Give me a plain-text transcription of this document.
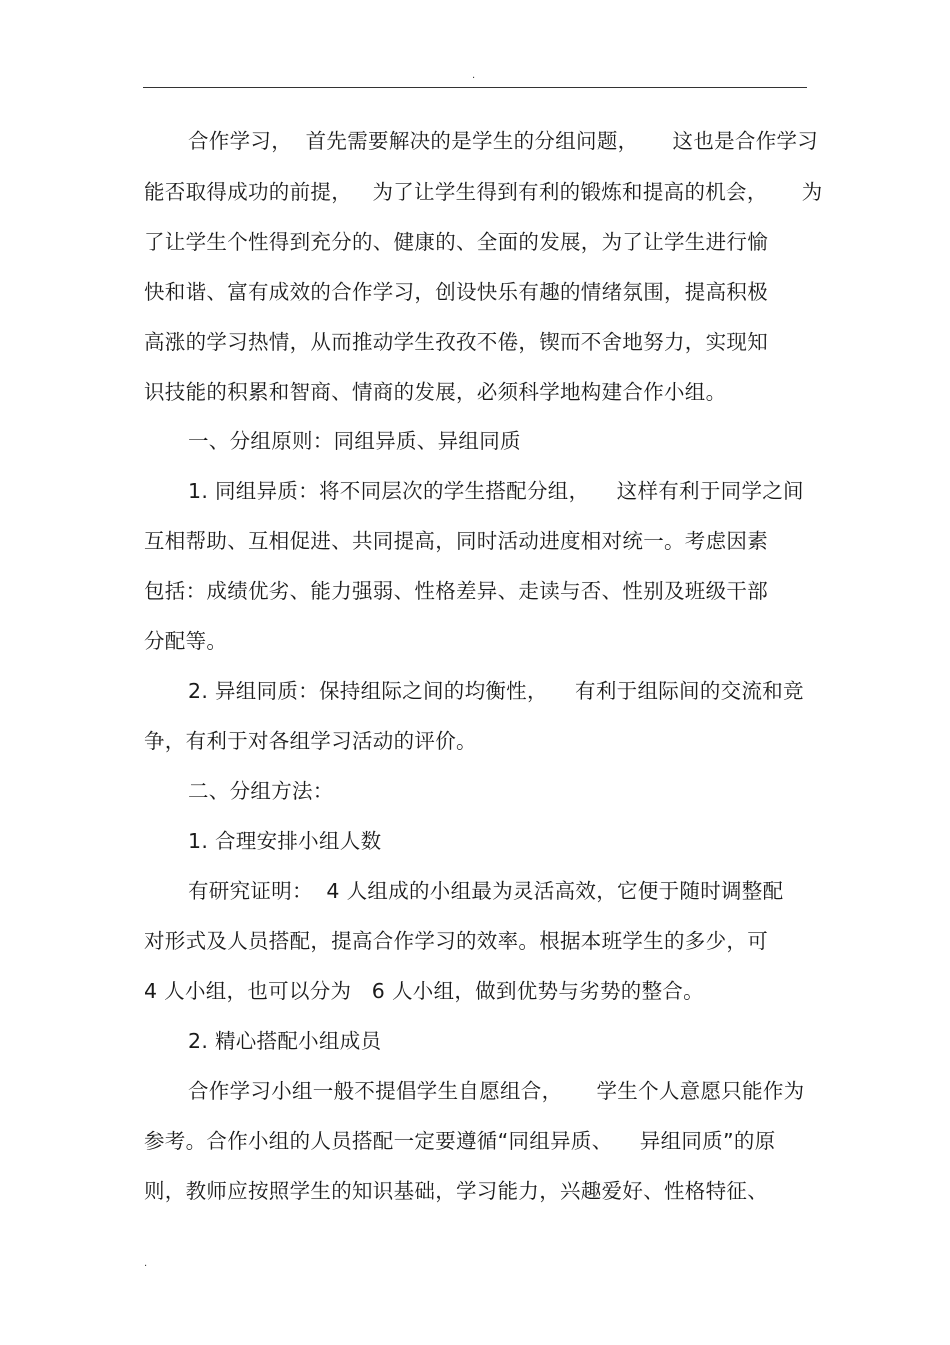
.
合作学习，  首先需要解决的是学生的分组问题，     这也是合作学习
能否取得成功的前提，   为了让学生得到有利的锻炼和提高的机会，     为
了让学生个性得到充分的、健康的、全面的发展，为了让学生进行愉
快和谐、富有成效的合作学习，创设快乐有趣的情绪氛围，提高积极
高涨的学习热情，从而推动学生孜孜不倦，锲而不舍地努力，实现知
识技能的积累和智商、情商的发展，必须科学地构建合作小组。
一、分组原则：同组异质、异组同质
1. 同组异质：将不同层次的学生搭配分组，    这样有利于同学之间
互相帮助、互相促进、共同提高，同时活动进度相对统一。考虑因素
包括：成绩优劣、能力强弱、性格差异、走读与否、性别及班级干部
分配等。
2. 异组同质：保持组际之间的均衡性，    有利于组际间的交流和竞
争，有利于对各组学习活动的评价。
二、分组方法：
1. 合理安排小组人数
有研究证明：  4 人组成的小组最为灵活高效，它便于随时调整配
对形式及人员搭配，提高合作学习的效率。根据本班学生的多少，可
4 人小组，也可以分为   6 人小组，做到优势与劣势的整合。
2. 精心搭配小组成员
合作学习小组一般不提倡学生自愿组合，     学生个人意愿只能作为
参考。合作小组的人员搭配一定要遵循“同组异质、    异组同质”的原
则，教师应按照学生的知识基础，学习能力，兴趣爱好、性格特征、
.
